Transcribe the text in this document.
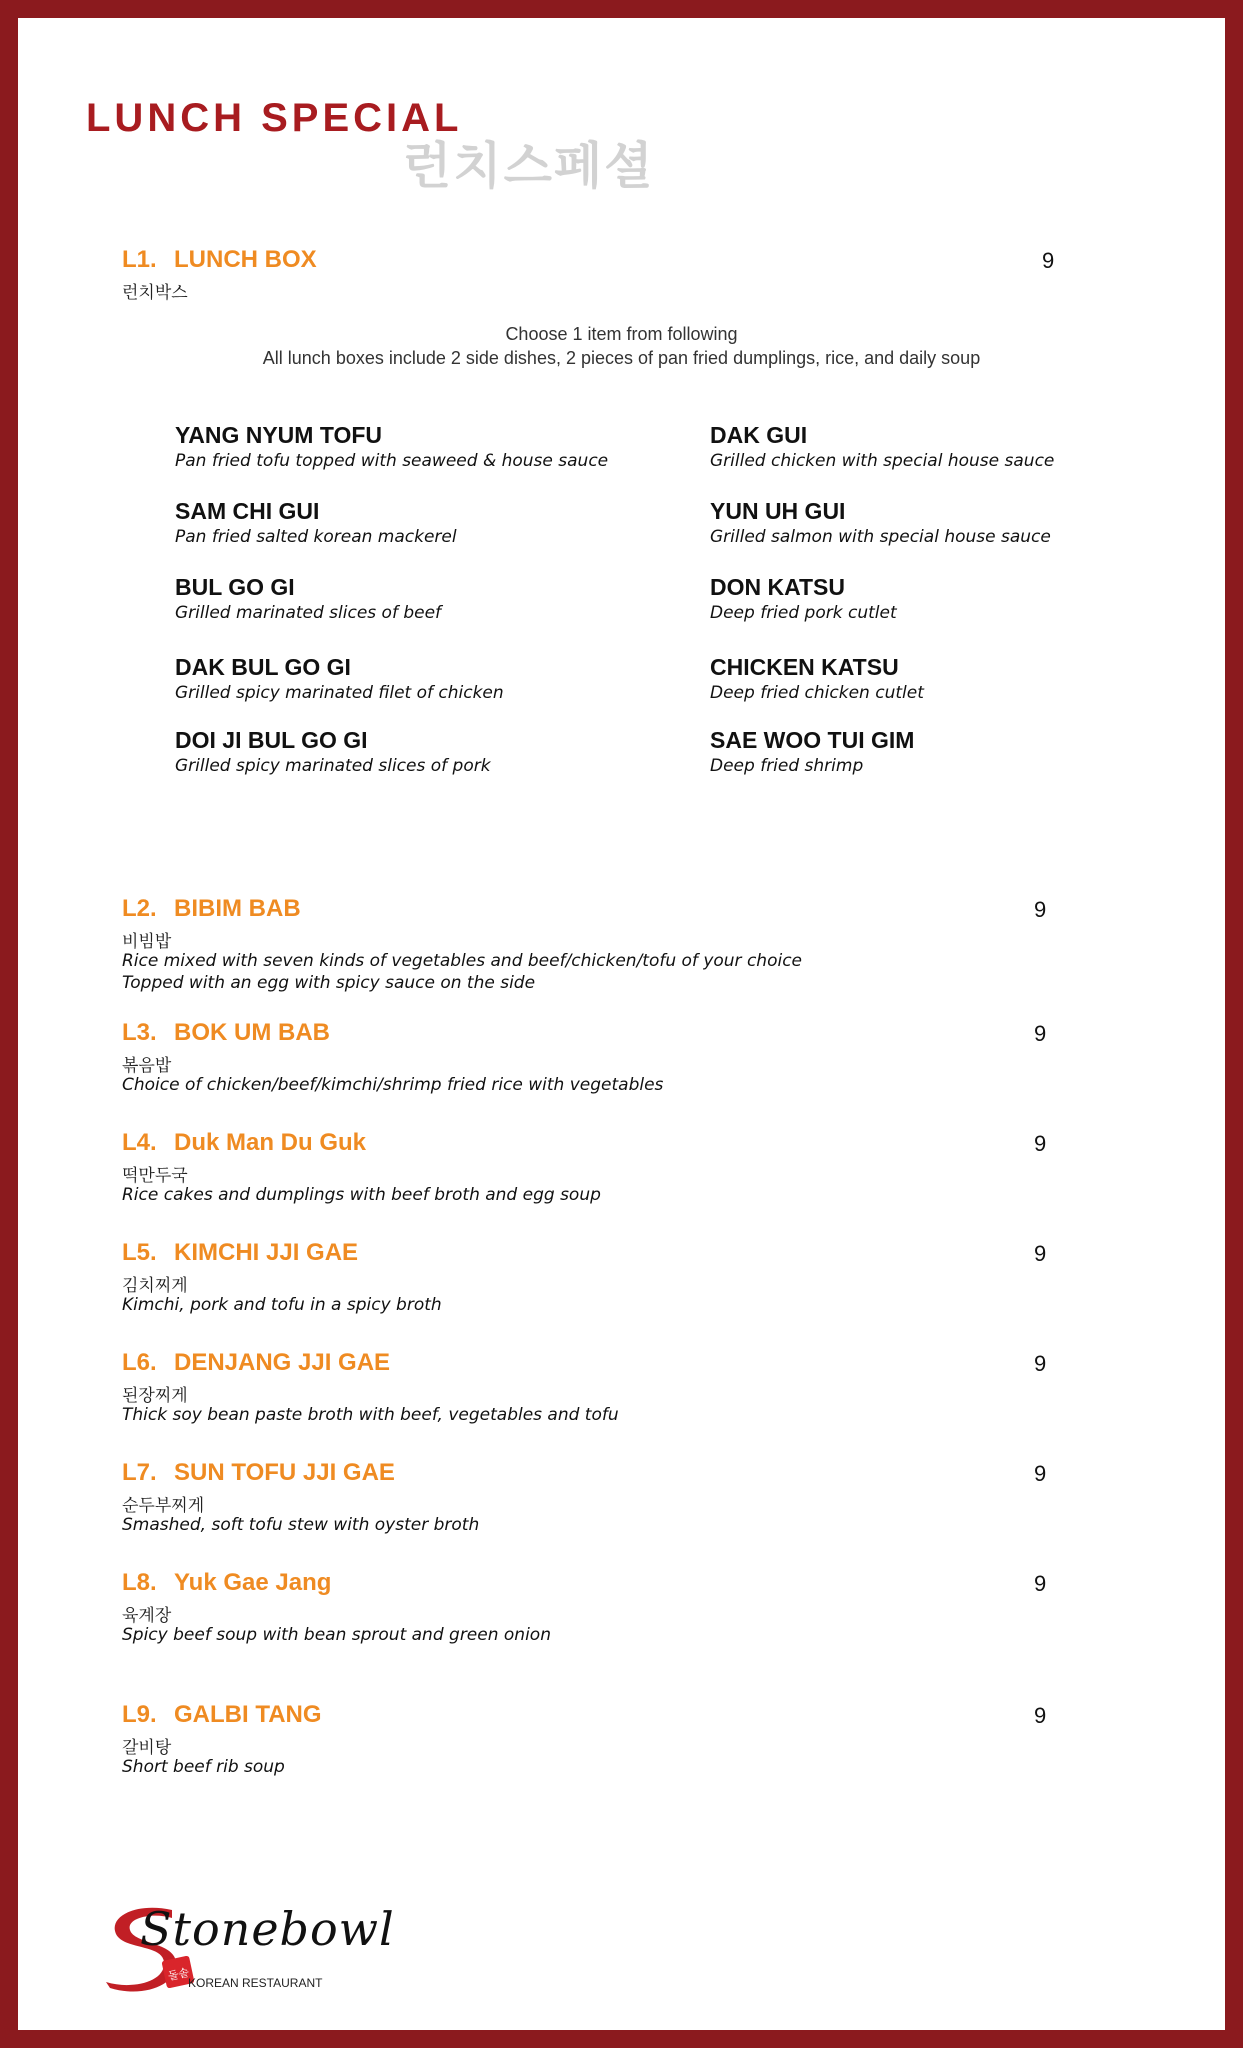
LUNCH SPECIAL
런치스페셜
L1. LUNCH BOX	9
런치박스
Choose 1 item from following
All lunch boxes include 2 side dishes, 2 pieces of pan fried dumplings, rice, and daily soup
YANG NYUM TOFU
Pan fried tofu topped with seaweed & house sauce
SAM CHI GUI
Pan fried salted korean mackerel
BUL GO GI
Grilled marinated slices of beef
DAK BUL GO GI
Grilled spicy marinated filet of chicken
DOI JI BUL GO GI
Grilled spicy marinated slices of pork
DAK GUI
Grilled chicken with special house sauce
YUN UH GUI
Grilled salmon with special house sauce
DON KATSU
Deep fried pork cutlet
CHICKEN KATSU
Deep fried chicken cutlet
SAE WOO TUI GIM
Deep fried shrimp
L2. BIBIM BAB	9
비빔밥
Rice mixed with seven kinds of vegetables and beef/chicken/tofu of your choice
Topped with an egg with spicy sauce on the side
L3. BOK UM BAB	9
볶음밥
Choice of chicken/beef/kimchi/shrimp fried rice with vegetables
L4. Duk Man Du Guk	9
떡만두국
Rice cakes and dumplings with beef broth and egg soup
L5. KIMCHI JJI GAE	9
김치찌게
Kimchi, pork and tofu in a spicy broth
L6. DENJANG JJI GAE	9
된장찌게
Thick soy bean paste broth with beef, vegetables and tofu
L7. SUN TOFU JJI GAE	9
순두부찌게
Smashed, soft tofu stew with oyster broth
L8. Yuk Gae Jang	9
육계장
Spicy beef soup with bean sprout and green onion
L9. GALBI TANG	9
갈비탕
Short beef rib soup
돌솥
Stonebowl
KOREAN RESTAURANT
